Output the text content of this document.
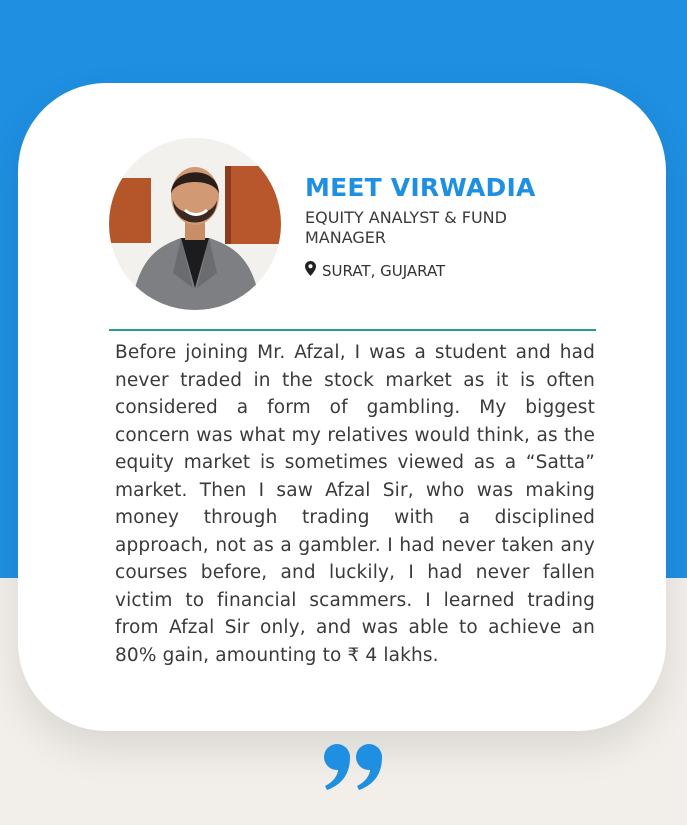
MEET VIRWADIA
EQUITY ANALYST & FUND MANAGER
SURAT, GUJARAT

Before joining Mr. Afzal, I was a student and had never traded in the stock market as it is often considered a form of gambling. My biggest concern was what my relatives would think, as the equity market is sometimes viewed as a “Satta” market. Then I saw Afzal Sir, who was making money through trading with a disciplined approach, not as a gambler. I had never taken any courses before, and luckily, I had never fallen victim to financial scammers. I learned trading from Afzal Sir only, and was able to achieve an 80% gain, amounting to ₹ 4 lakhs.
